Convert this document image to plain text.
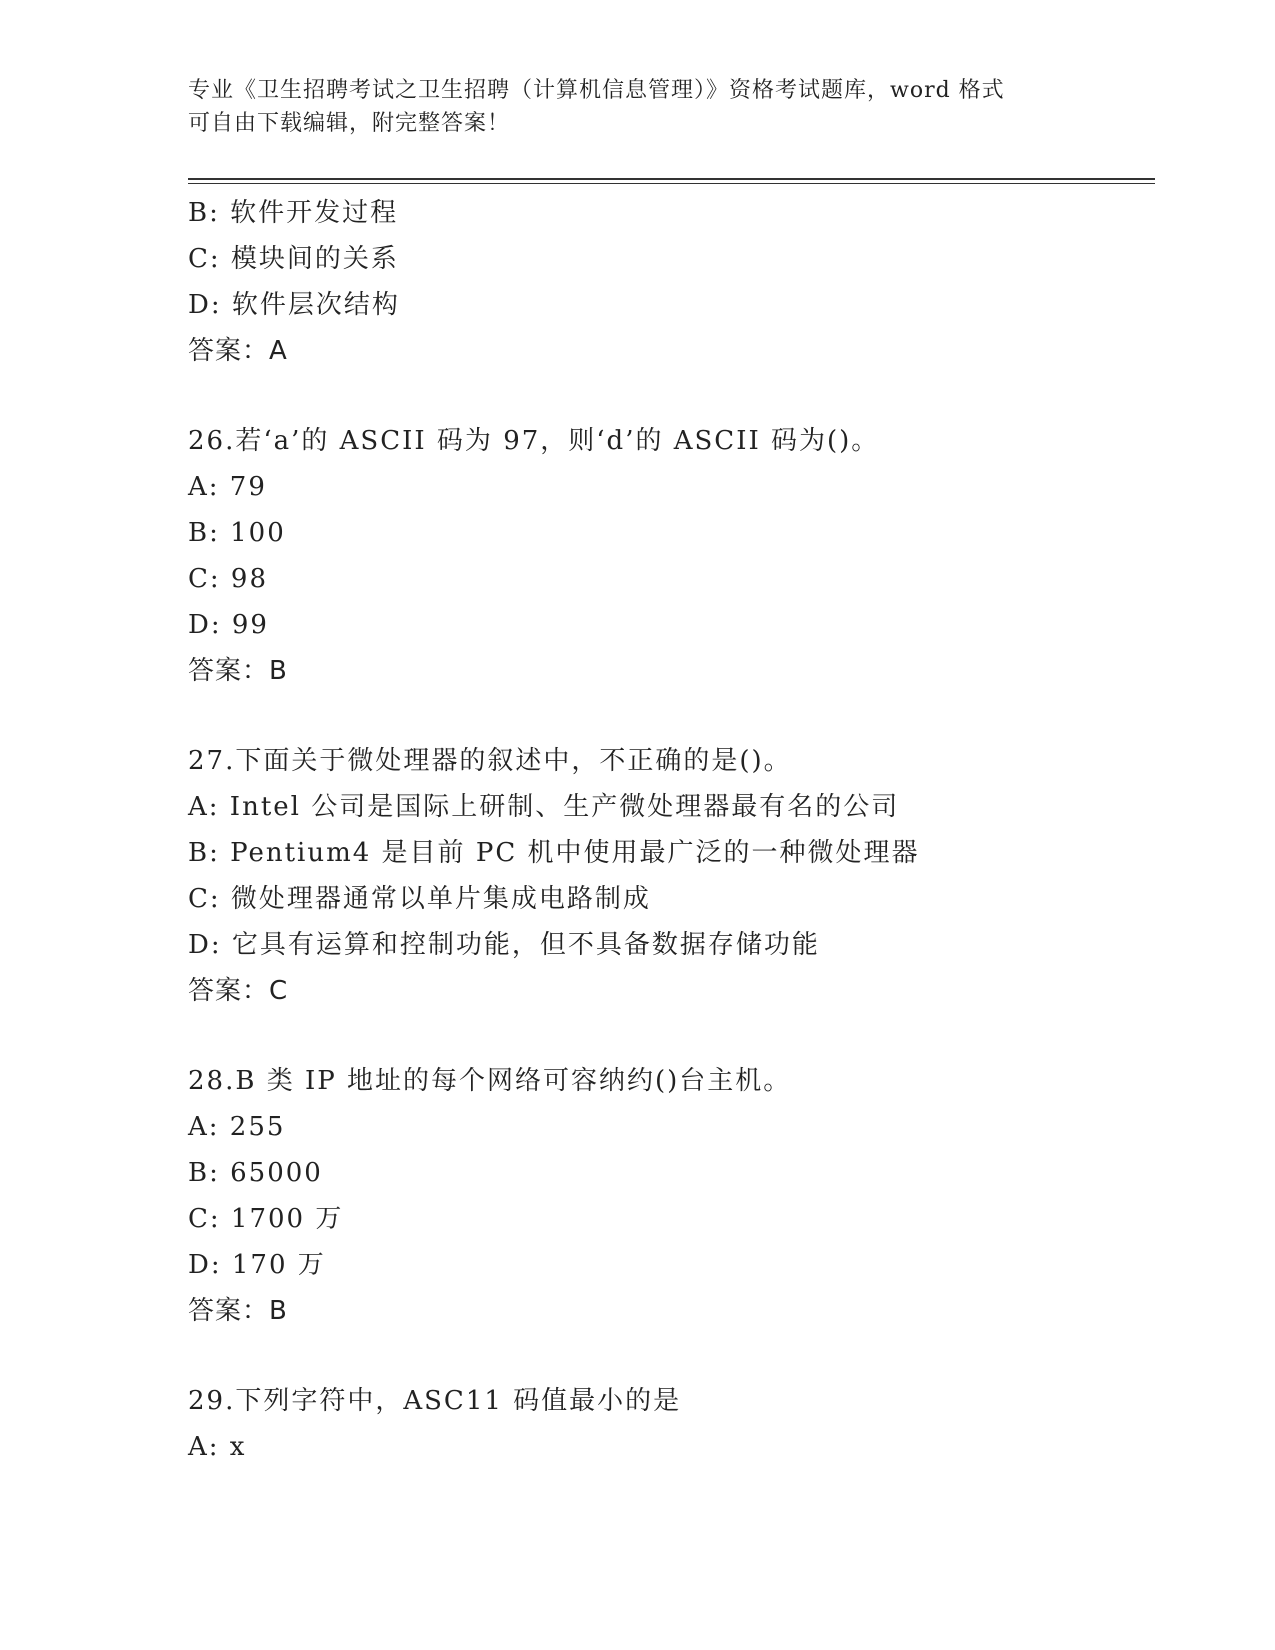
专业《卫生招聘考试之卫生招聘（计算机信息管理）》资格考试题库，word 格式
可自由下载编辑，附完整答案！
B: 软件开发过程
C: 模块间的关系
D: 软件层次结构
答案：A
26.若‘a’的 ASCII 码为 97，则‘d’的 ASCII 码为()。
A: 79
B: 100
C: 98
D: 99
答案：B
27.下面关于微处理器的叙述中，不正确的是()。
A: Intel 公司是国际上研制、生产微处理器最有名的公司
B: Pentium4 是目前 PC 机中使用最广泛的一种微处理器
C: 微处理器通常以单片集成电路制成
D: 它具有运算和控制功能，但不具备数据存储功能
答案：C
28.B 类 IP 地址的每个网络可容纳约()台主机。
A: 255
B: 65000
C: 1700 万
D: 170 万
答案：B
29.下列字符中，ASC11 码值最小的是
A: x
